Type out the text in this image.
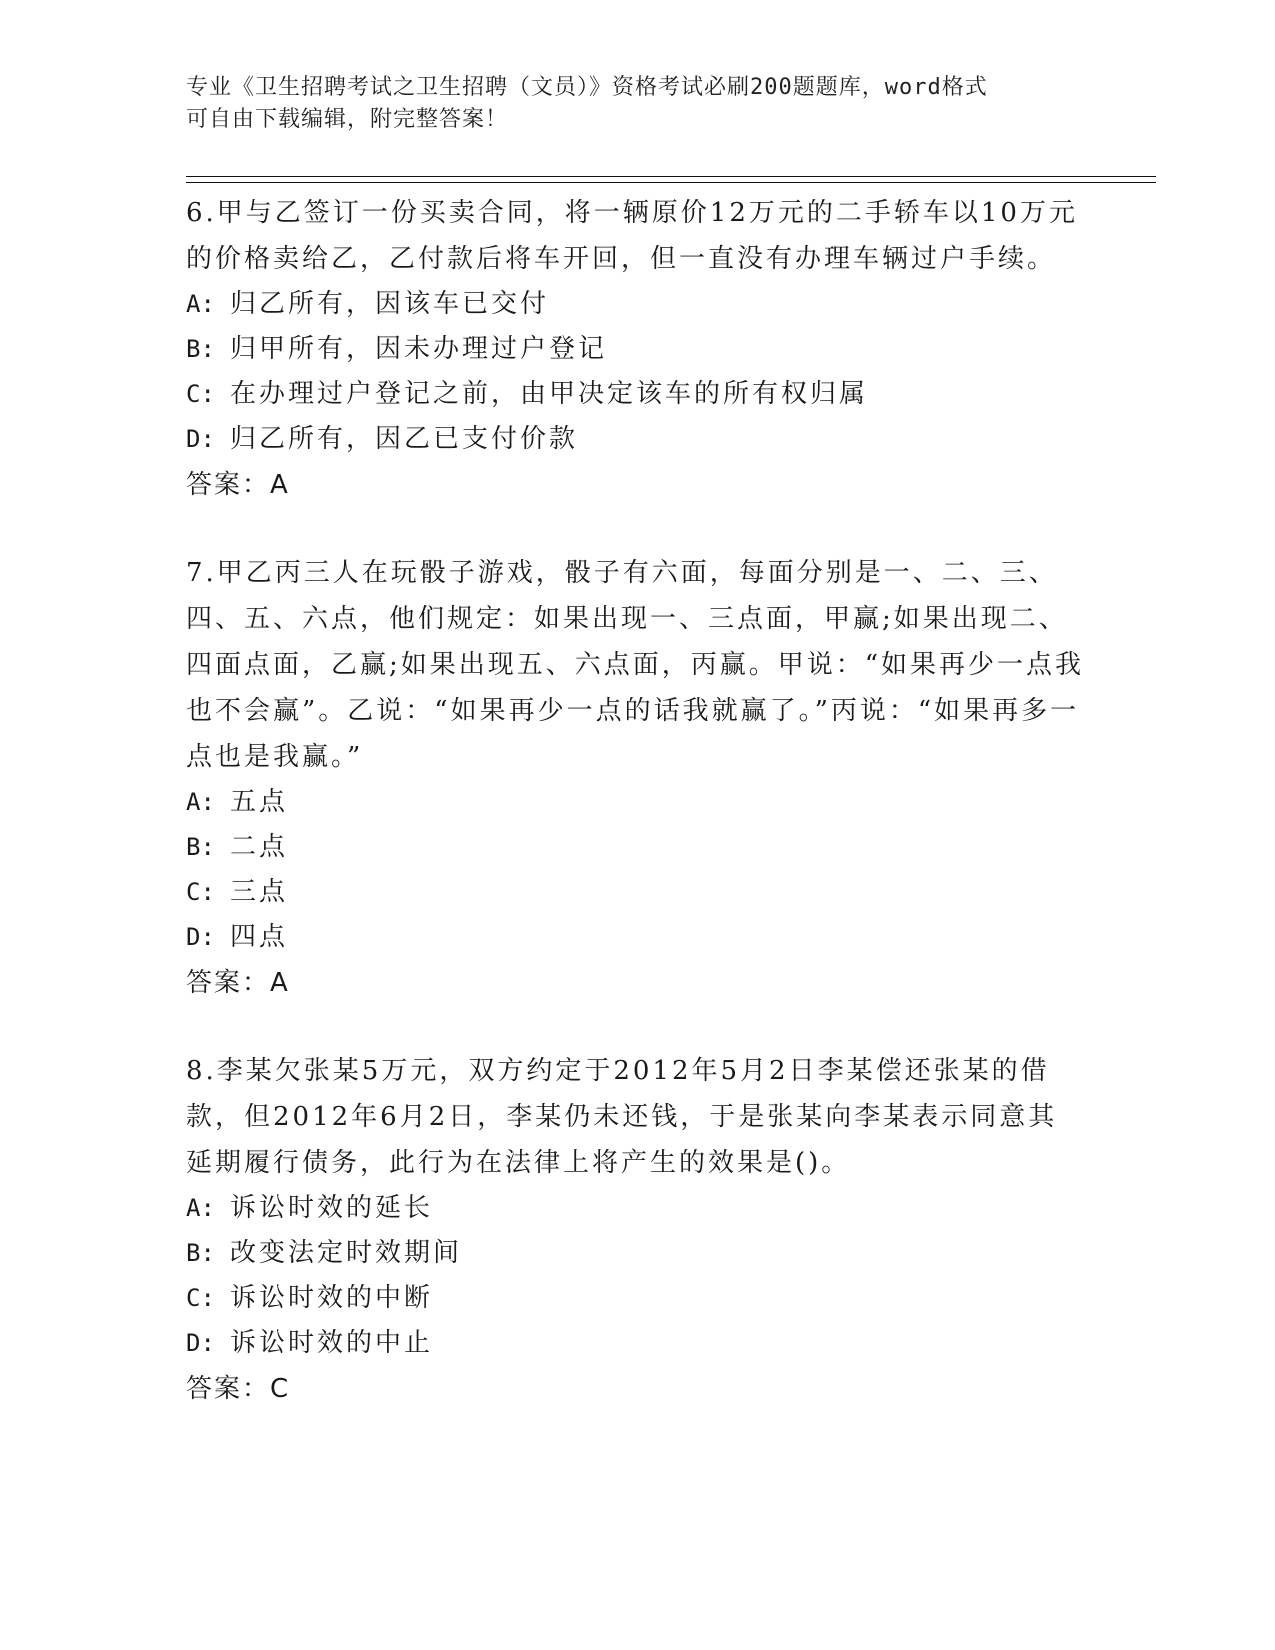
专业《卫生招聘考试之卫生招聘（文员）》资格考试必刷200题题库，word格式
可自由下载编辑，附完整答案！

6.甲与乙签订一份买卖合同，将一辆原价12万元的二手轿车以10万元的价格卖给乙，乙付款后将车开回，但一直没有办理车辆过户手续。

A: 归乙所有，因该车已交付
B: 归甲所有，因未办理过户登记
C: 在办理过户登记之前，由甲决定该车的所有权归属
D: 归乙所有，因乙已支付价款

答案：A

7.甲乙丙三人在玩骰子游戏，骰子有六面，每面分别是一、二、三、四、五、六点，他们规定：如果出现一、三点面，甲赢;如果出现二、四面点面，乙赢;如果出现五、六点面，丙赢。甲说：“如果再少一点我也不会赢”。乙说：“如果再少一点的话我就赢了。”丙说：“如果再多一点也是我赢。”

A: 五点
B: 二点
C: 三点
D: 四点

答案：A

8.李某欠张某5万元，双方约定于2012年5月2日李某偿还张某的借款，但2012年6月2日，李某仍未还钱，于是张某向李某表示同意其延期履行债务，此行为在法律上将产生的效果是()。

A: 诉讼时效的延长
B: 改变法定时效期间
C: 诉讼时效的中断
D: 诉讼时效的中止

答案：C
